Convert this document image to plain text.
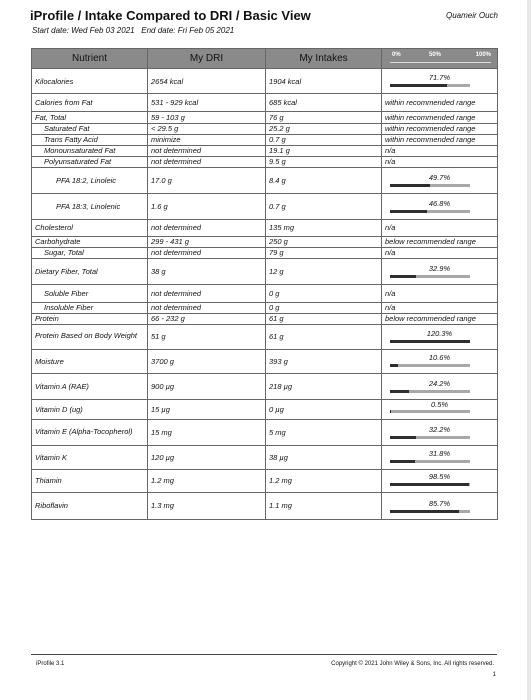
iProfile / Intake Compared to DRI / Basic View	Quameir Ouch
Start date: Wed Feb 03 2021 End date: Fri Feb 05 2021
Nutrient	My DRI	My Intakes	0% 50% 100%

Kilocalories	2654 kcal	1904 kcal	71.7%

Calories from Fat	531 - 929 kcal	685 kcal	within recommended range
Fat, Total	59 - 103 g	76 g	within recommended range
Saturated Fat	< 29.5 g	25.2 g	within recommended range
Trans Fatty Acid	minimize	0.7 g	within recommended range
Monounsaturated Fat	not determined	19.1 g	n/a
Polyunsaturated Fat	not determined	9.5 g	n/a
PFA 18:2, Linoleic	17.0 g	8.4 g	49.7%

PFA 18:3, Linolenic	1.6 g	0.7 g	46.8%

Cholesterol	not determined	135 mg	n/a
Carbohydrate	299 - 431 g	250 g	below recommended range
Sugar, Total	not determined	79 g	n/a
Dietary Fiber, Total	38 g	12 g	32.9%

Soluble Fiber	not determined	0 g	n/a
Insoluble Fiber	not determined	0 g	n/a
Protein	66 - 232 g	61 g	below recommended range
Protein Based on Body Weight	51 g	61 g	120.3%

Moisture	3700 g	393 g	10.6%

Vitamin A (RAE)	900 µg	218 µg	24.2%

Vitamin D (ug)	15 µg	0 µg	0.5%

Vitamin E (Alpha-Tocopherol)	15 mg	5 mg	32.2%

Vitamin K	120 µg	38 µg	31.8%

Thiamin	1.2 mg	1.2 mg	98.5%

Riboflavin	1.3 mg	1.1 mg	85.7%
iProfile 3.1	Copyright © 2021 John Wiley & Sons, Inc. All rights reserved.
1
